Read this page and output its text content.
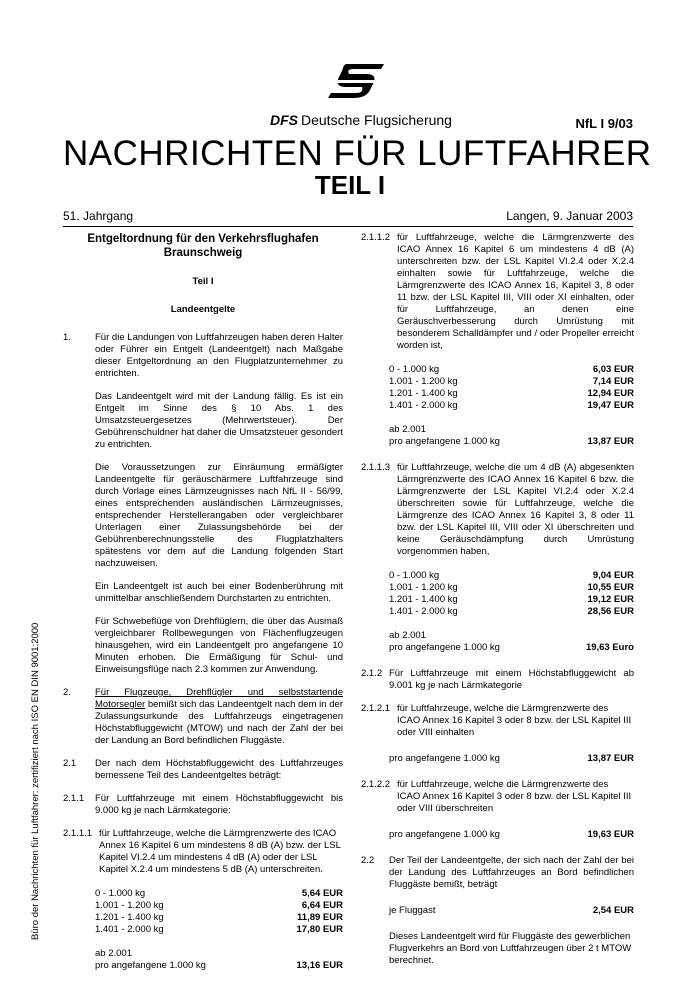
DFS Deutsche Flugsicherung	NfL I 9/03
NACHRICHTEN FÜR LUFTFAHRER
TEIL I
51. Jahrgang	Langen, 9. Januar 2003
Büro der Nachrichten für Luftfahrer: zertifiziert nach ISO EN DIN 9001:2000
Entgeltordnung für den Verkehrsflughafen Braunschweig
Teil I
Landeentgelte
1.	Für die Landungen von Luftfahrzeugen haben deren Halter oder Führer ein Entgelt (Landeentgelt) nach Maßgabe dieser Entgeltordnung an den Flugplatzunternehmer zu entrichten.
Das Landeentgelt wird mit der Landung fällig. Es ist ein Entgelt im Sinne des § 10 Abs. 1 des Umsatzsteuergesetzes (Mehrwertsteuer). Der Gebührenschuldner hat daher die Umsatzsteuer gesondert zu entrichten.
Die Voraussetzungen zur Einräumung ermäßigter Landeentgelte für geräuschärmere Luftfahrzeuge sind durch Vorlage eines Lärmzeugnisses nach NfL II - 56/99, eines entsprechenden ausländischen Lärmzeugnisses, entsprechender Herstellerangaben oder vergleichbarer Unterlagen einer Zulassungsbehörde bei der Gebührenberechnungsstelle des Flugplatzhalters spätestens vor dem auf die Landung folgenden Start nachzuweisen.
Ein Landeentgelt ist auch bei einer Bodenberührung mit unmittelbar anschließendem Durchstarten zu entrichten.
Für Schwebeflüge von Drehflüglern, die über das Ausmaß vergleichbarer Rollbewegungen von Flächenflugzeugen hinausgehen, wird ein Landeentgelt pro angefangene 10 Minuten erhoben. Die Ermäßigung für Schul- und Einweisungsflüge nach 2.3 kommen zur Anwendung.
2.	Für Flugzeuge, Drehflügler und selbststartende Motorsegler bemißt sich das Landeentgelt nach dem in der Zulassungsurkunde des Luftfahrzeugs eingetragenen Höchstabfluggewicht (MTOW) und nach der Zahl der bei der Landung an Bord befindlichen Fluggäste.
2.1	Der nach dem Höchstabfluggewicht des Luftfahrzeuges bemessene Teil des Landeentgeltes beträgt:
2.1.1	Für Luftfahrzeuge mit einem Höchstabfluggewicht bis 9.000 kg je nach Lärmkategorie:
2.1.1.1 für Luftfahrzeuge, welche die Lärmgrenzwerte des ICAO Annex 16 Kapitel 6 um mindestens 8 dB (A) bzw. der LSL Kapitel VI.2.4 um mindestens 4 dB (A) oder der LSL Kapitel X.2.4 um mindestens 5 dB (A) unterschreiten.
0 - 1.000 kg	5,64 EUR
1.001 - 1.200 kg	6,64 EUR
1.201 - 1.400 kg	11,89 EUR
1.401 - 2.000 kg	17,80 EUR
ab 2.001
pro angefangene 1.000 kg	13,16 EUR
2.1.1.2 für Luftfahrzeuge, welche die Lärmgrenzwerte des ICAO Annex 16 Kapitel 6 um mindestens 4 dB (A) unterschreiten bzw. der LSL Kapitel VI.2.4 oder X.2.4 einhalten sowie für Luftfahrzeuge, welche die Lärmgrenzwerte des ICAO Annex 16, Kapitel 3, 8 oder 11 bzw. der LSL Kapitel III, VIII oder XI einhalten, oder für Luftfahrzeuge, an denen eine Geräuschverbesserung durch Umrüstung mit besonderem Schalldämpfer und / oder Propeller erreicht worden ist,
0 - 1.000 kg	6,03 EUR
1.001 - 1.200 kg	7,14 EUR
1.201 - 1.400 kg	12,94 EUR
1.401 - 2.000 kg	19,47 EUR
ab 2.001
pro angefangene 1.000 kg	13,87 EUR
2.1.1.3 für Luftfahrzeuge, welche die um 4 dB (A) abgesenkten Lärmgrenzwerte des ICAO Annex 16 Kapitel 6 bzw. die Lärmgrenzwerte der LSL Kapitel VI.2.4 oder X.2.4 überschreiten sowie für Luftfahrzeuge, welche die Lärmgrenze des ICAO Annex 16 Kapitel 3, 8 oder 11 bzw. der LSL Kapitel III, VIII oder XI überschreiten und keine Geräuschdämpfung durch Umrüstung vorgenommen haben,
0 - 1.000 kg	9,04 EUR
1.001 - 1.200 kg	10,55 EUR
1.201 - 1.400 kg	19,12 EUR
1.401 - 2.000 kg	28,56 EUR
ab 2.001
pro angefangene 1.000 kg	19,63 Euro
2.1.2 Für Luftfahrzeuge mit einem Höchstabfluggewicht ab 9.001 kg je nach Lärmkategorie
2.1.2.1 für Luftfahrzeuge, welche die Lärmgrenzwerte des ICAO Annex 16 Kapitel 3 oder 8 bzw. der LSL Kapitel III oder VIII einhalten
pro angefangene 1.000 kg	13,87 EUR
2.1.2.2 für Luftfahrzeuge, welche die Lärmgrenzwerte des ICAO Annex 16 Kapitel 3 oder 8 bzw. der LSL Kapitel III oder VIII überschreiten
pro angefangene 1.000 kg	19,63 EUR
2.2	Der Teil der Landeentgelte, der sich nach der Zahl der bei der Landung des Luftfahrzeuges an Bord befindlichen Fluggäste bemißt, beträgt
je Fluggast	2,54 EUR
Dieses Landeentgelt wird für Fluggäste des gewerblichen Flugverkehrs an Bord von Luftfahrzeugen über 2 t MTOW berechnet.
